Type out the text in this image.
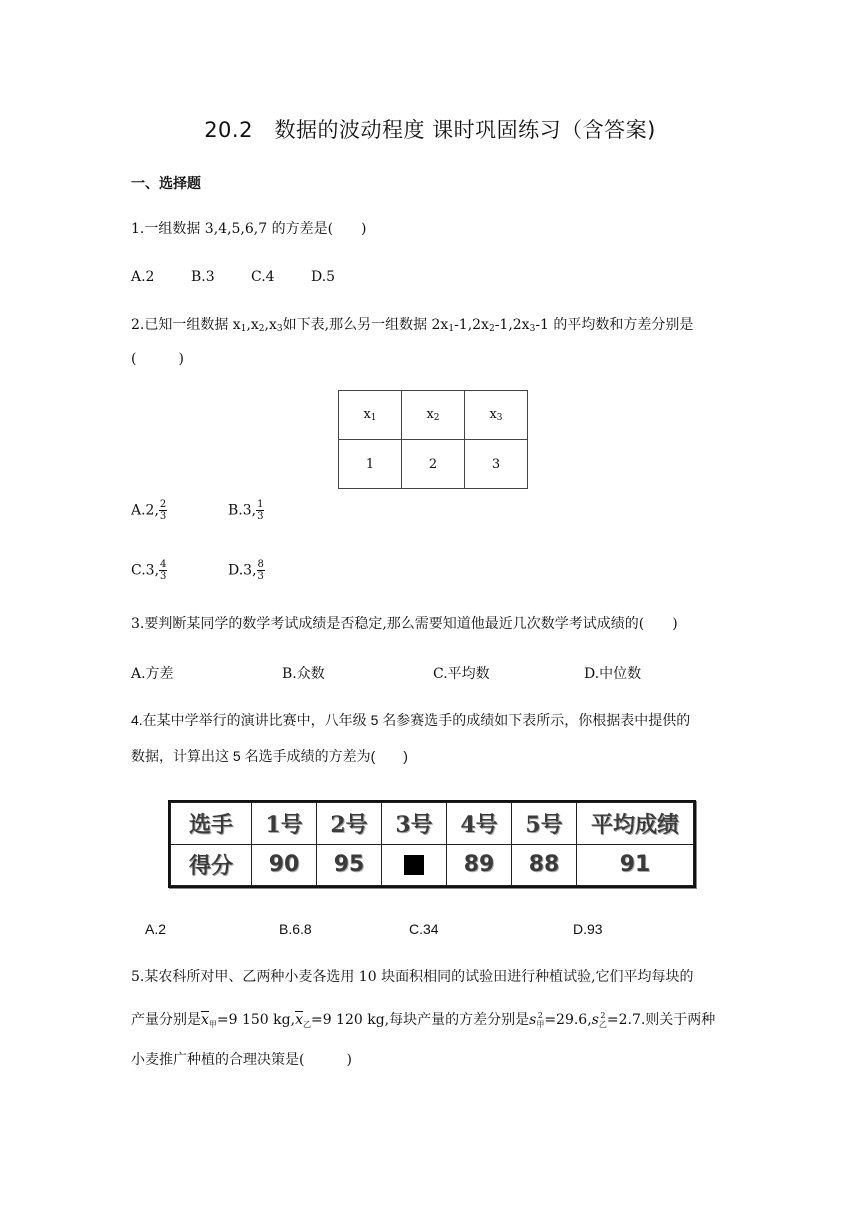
20.2　数据的波动程度 课时巩固练习（含答案)
一、选择题
1.一组数据 3,4,5,6,7 的方差是(　　)
A.2	B.3	C.4	D.5
2.已知一组数据 $x_1,x_2,x_3$如下表,那么另一组数据 $2x_1-1,2x_2-1,2x_3-1$ 的平均数和方差分别是
(　　　)
$x_1$	$x_2$	$x_3$
1	2	3
A.2, $\frac{2}{3}$	B.3, $\frac{1}{3}$
C.3, $\frac{4}{3}$	D.3, $\frac{8}{3}$
3.要判断某同学的数学考试成绩是否稳定,那么需要知道他最近几次数学考试成绩的(　　)
A.方差	B.众数	C.平均数	D.中位数
4.在某中学举行的演讲比赛中，八年级 5 名参赛选手的成绩如下表所示，你根据表中提供的
数据，计算出这 5 名选手成绩的方差为(　　)
选手	1号	2号	3号	4号	5号	平均成绩
得分	90	95		89	88	91
A.2	B.6.8	C.34	D.93
5.某农科所对甲、乙两种小麦各选用 10 块面积相同的试验田进行种植试验,它们平均每块的
产量分别是$x_甲=9$ 150 $kg,x_乙=9$ 120 kg,每块产量的方差分别是s 2
甲 =29.6,s 2
乙 =2.7.则关于两种
小麦推广种植的合理决策是(　　　)
